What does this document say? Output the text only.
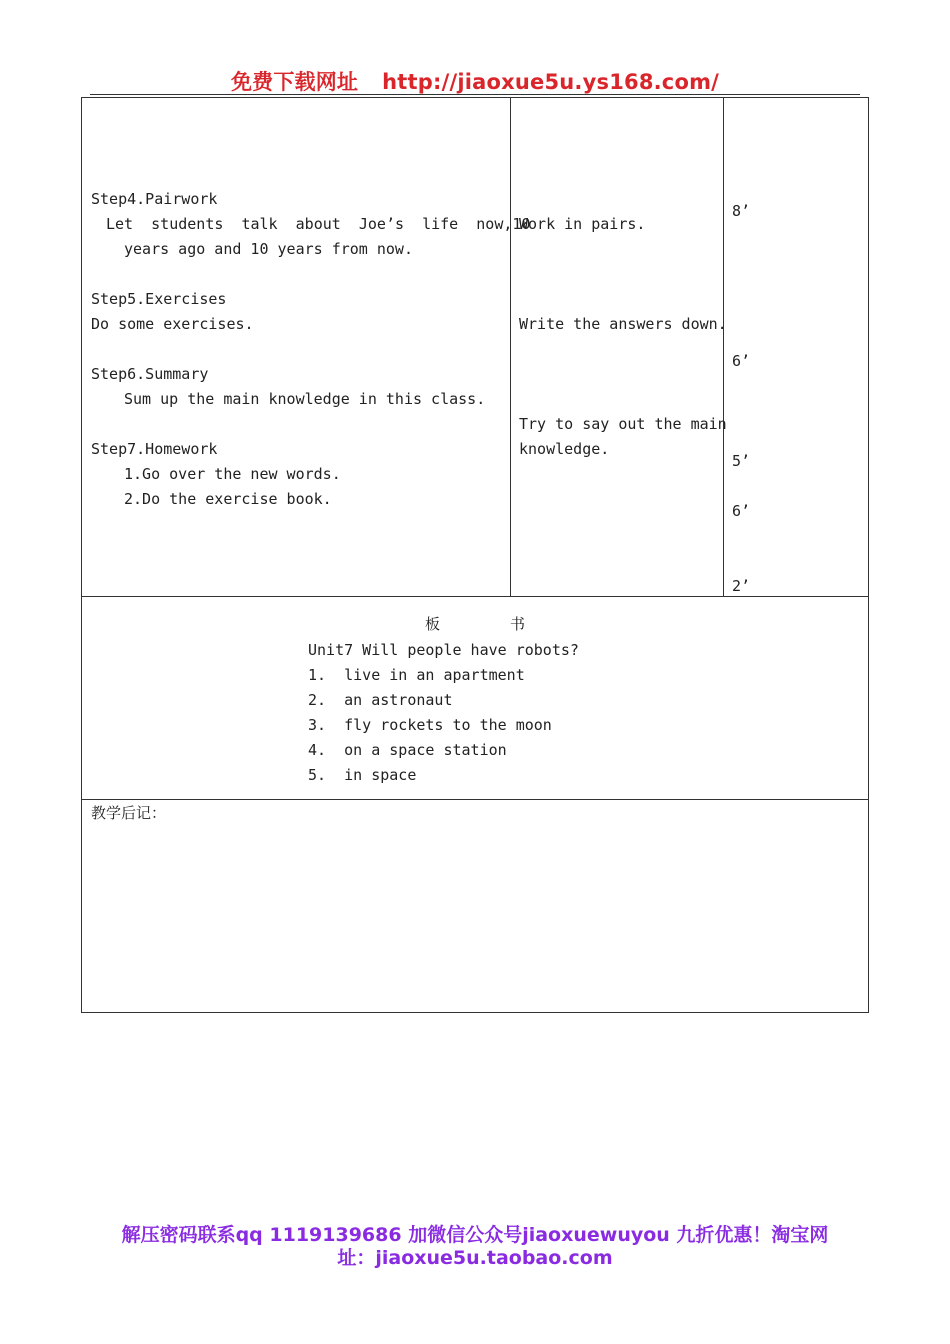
免费下载网址 http://jiaoxue5u.ys168.com/
Step4.Pairwork
Let  students  talk  about  Joe’s  life  now,10
years ago and 10 years from now.
Step5.Exercises
Do some exercises.
Step6.Summary
Sum up the main knowledge in this class.
Step7.Homework
1.Go over the new words.
2.Do the exercise book.
Work in pairs.
Write the answers down.
Try to say out the main
knowledge.
8’
6’
5’
6’
2’
板	书
Unit7 Will people have robots?
1.  live in an apartment
2.  an astronaut
3.  fly rockets to the moon
4.  on a space station
5.  in space
教学后记：
解压密码联系qq 1119139686 加微信公众号jiaoxuewuyou 九折优惠！淘宝网
址：jiaoxue5u.taobao.com
